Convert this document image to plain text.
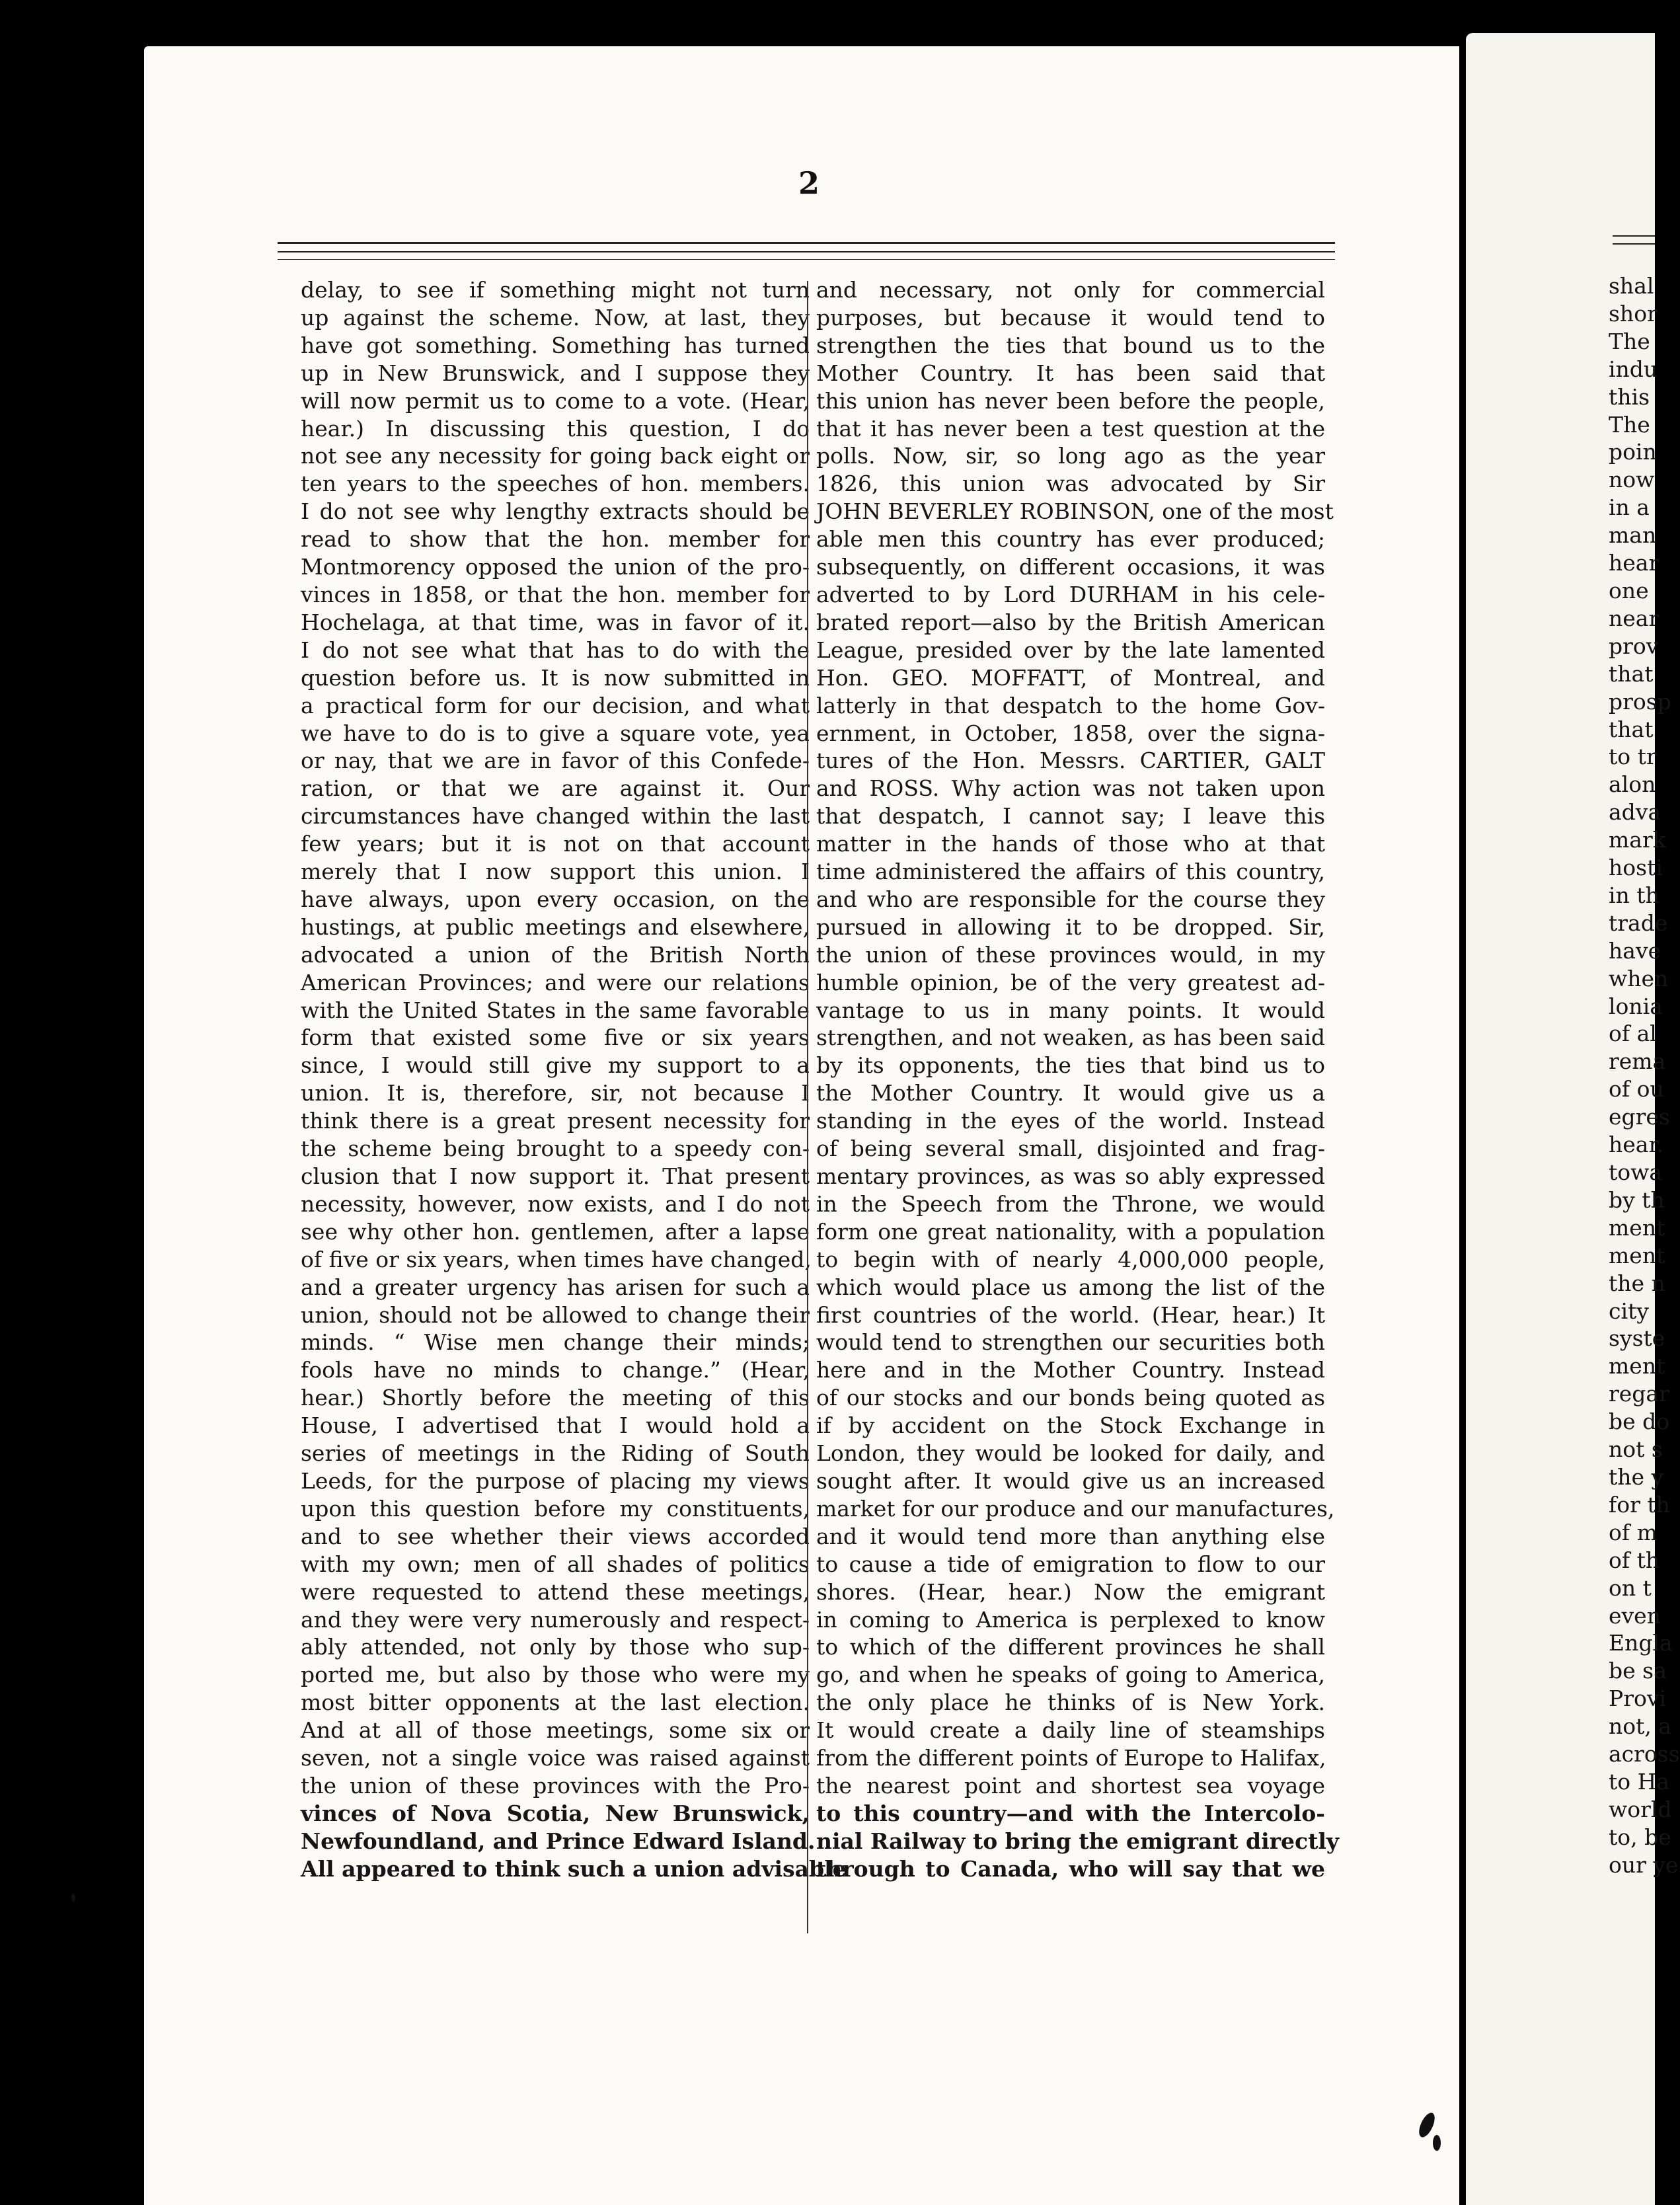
2
delay, to see if something might not turn
up against the scheme. Now, at last, they
have got something. Something has turned
up in New Brunswick, and I suppose they
will now permit us to come to a vote. (Hear,
hear.) In discussing this question, I do
not see any necessity for going back eight or
ten years to the speeches of hon. members.
I do not see why lengthy extracts should be
read to show that the hon. member for
Montmorency opposed the union of the pro-
vinces in 1858, or that the hon. member for
Hochelaga, at that time, was in favor of it.
I do not see what that has to do with the
question before us. It is now submitted in
a practical form for our decision, and what
we have to do is to give a square vote, yea
or nay, that we are in favor of this Confede-
ration, or that we are against it. Our
circumstances have changed within the last
few years; but it is not on that account
merely that I now support this union. I
have always, upon every occasion, on the
hustings, at public meetings and elsewhere,
advocated a union of the British North
American Provinces; and were our relations
with the United States in the same favorable
form that existed some five or six years
since, I would still give my support to a
union. It is, therefore, sir, not because I
think there is a great present necessity for
the scheme being brought to a speedy con-
clusion that I now support it. That present
necessity, however, now exists, and I do not
see why other hon. gentlemen, after a lapse
of five or six years, when times have changed,
and a greater urgency has arisen for such a
union, should not be allowed to change their
minds. “ Wise men change their minds;
fools have no minds to change.” (Hear,
hear.) Shortly before the meeting of this
House, I advertised that I would hold a
series of meetings in the Riding of South
Leeds, for the purpose of placing my views
upon this question before my constituents,
and to see whether their views accorded
with my own; men of all shades of politics
were requested to attend these meetings,
and they were very numerously and respect-
ably attended, not only by those who sup-
ported me, but also by those who were my
most bitter opponents at the last election.
And at all of those meetings, some six or
seven, not a single voice was raised against
the union of these provinces with the Pro-
vinces of Nova Scotia, New Brunswick,
Newfoundland, and Prince Edward Island.
All appeared to think such a union advisable
and necessary, not only for commercial
purposes, but because it would tend to
strengthen the ties that bound us to the
Mother Country. It has been said that
this union has never been before the people,
that it has never been a test question at the
polls. Now, sir, so long ago as the year
1826, this union was advocated by Sir
JOHN BEVERLEY ROBINSON, one of the most
able men this country has ever produced;
subsequently, on different occasions, it was
adverted to by Lord DURHAM in his cele-
brated report—also by the British American
League, presided over by the late lamented
Hon. GEO. MOFFATT, of Montreal, and
latterly in that despatch to the home Gov-
ernment, in October, 1858, over the signa-
tures of the Hon. Messrs. CARTIER, GALT
and ROSS. Why action was not taken upon
that despatch, I cannot say; I leave this
matter in the hands of those who at that
time administered the affairs of this country,
and who are responsible for the course they
pursued in allowing it to be dropped. Sir,
the union of these provinces would, in my
humble opinion, be of the very greatest ad-
vantage to us in many points. It would
strengthen, and not weaken, as has been said
by its opponents, the ties that bind us to
the Mother Country. It would give us a
standing in the eyes of the world. Instead
of being several small, disjointed and frag-
mentary provinces, as was so ably expressed
in the Speech from the Throne, we would
form one great nationality, with a population
to begin with of nearly 4,000,000 people,
which would place us among the list of the
first countries of the world. (Hear, hear.) It
would tend to strengthen our securities both
here and in the Mother Country. Instead
of our stocks and our bonds being quoted as
if by accident on the Stock Exchange in
London, they would be looked for daily, and
sought after. It would give us an increased
market for our produce and our manufactures,
and it would tend more than anything else
to cause a tide of emigration to flow to our
shores. (Hear, hear.) Now the emigrant
in coming to America is perplexed to know
to which of the different provinces he shall
go, and when he speaks of going to America,
the only place he thinks of is New York.
It would create a daily line of steamships
from the different points of Europe to Halifax,
the nearest point and shortest sea voyage
to this country—and with the Intercolo-
nial Railway to bring the emigrant directly
through to Canada, who will say that we
shal
shor
The
indu
this
The
poin
now
in a
man
hear
one
near
prov
that
prosp
that
to tr
alon
adva
mark
hosti
in th
trade
have
when
lonia
of al
rema
of ou
egres
hear.
towa
by th
ment
ment
the n
city
syste
ment
regar
be do
not s
the y
for th
of m
of th
on t
even
Engla
be sa
Provi
not, a
across
to Ha
world
to, be
our ye
